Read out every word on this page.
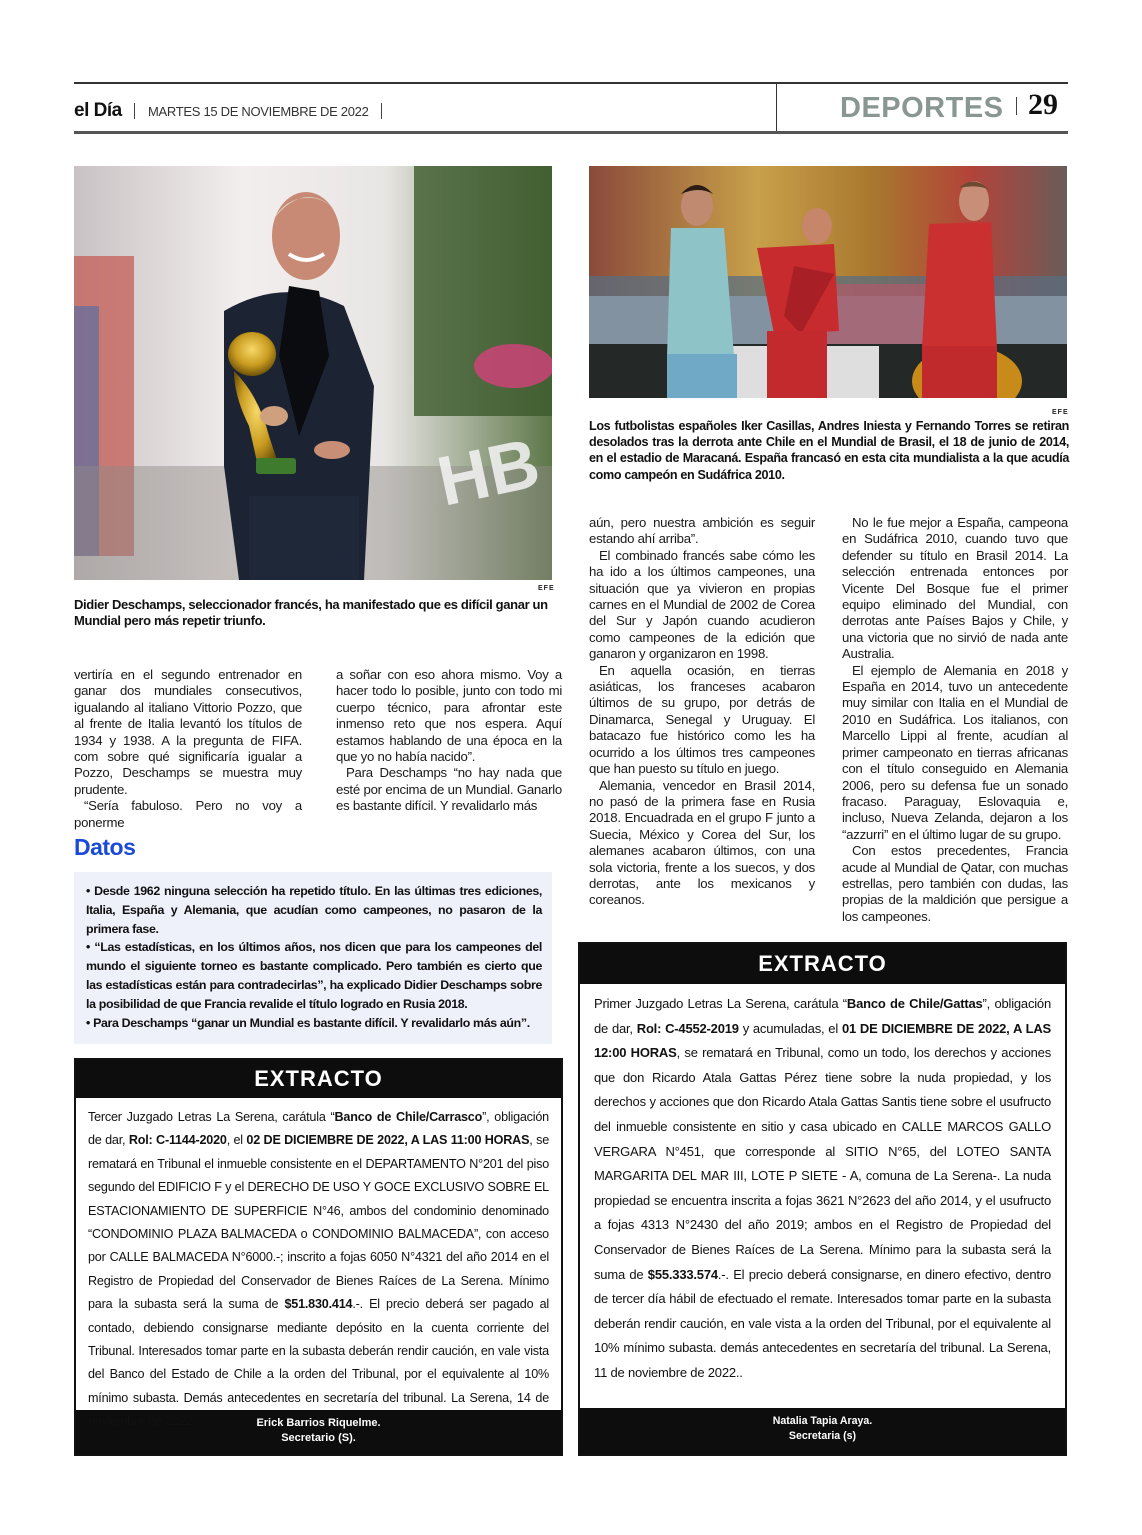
el Día MARTES 15 DE NOVIEMBRE DE 2022	DEPORTES 29
HB
EFE
Didier Deschamps, seleccionador francés, ha manifestado que es difícil ganar un Mundial pero más repetir triunfo.
EFE
Los futbolistas españoles Iker Casillas, Andres Iniesta y Fernando Torres se retiran desolados tras la derrota ante Chile en el Mundial de Brasil, el 18 de junio de 2014, en el estadio de Maracaná. España francasó en esta cita mundialista a la que acudía como campeón en Sudáfrica 2010.

vertiría en el segundo entrenador en ganar dos mundiales consecutivos, igualando al italiano Vittorio Pozzo, que al frente de Italia levantó los títulos de 1934 y 1938. A la pregunta de FIFA. com sobre qué significaría igualar a Pozzo, Deschamps se muestra muy prudente.

“Sería fabuloso. Pero no voy a ponerme

a soñar con eso ahora mismo. Voy a hacer todo lo posible, junto con todo mi cuerpo técnico, para afrontar este inmenso reto que nos espera. Aquí estamos hablando de una época en la que yo no había nacido”.

Para Deschamps “no hay nada que esté por encima de un Mundial. Ganarlo es bastante difícil. Y revalidarlo más

aún, pero nuestra ambición es seguir estando ahí arriba”.

El combinado francés sabe cómo les ha ido a los últimos campeones, una situación que ya vivieron en propias carnes en el Mundial de 2002 de Corea del Sur y Japón cuando acudieron como campeones de la edición que ganaron y organizaron en 1998.

En aquella ocasión, en tierras asiáticas, los franceses acabaron últimos de su grupo, por detrás de Dinamarca, Senegal y Uruguay. El batacazo fue histórico como les ha ocurrido a los últimos tres campeones que han puesto su título en juego.

Alemania, vencedor en Brasil 2014, no pasó de la primera fase en Rusia 2018. Encuadrada en el grupo F junto a Suecia, México y Corea del Sur, los alemanes acabaron últimos, con una sola victoria, frente a los suecos, y dos derrotas, ante los mexicanos y coreanos.

No le fue mejor a España, campeona en Sudáfrica 2010, cuando tuvo que defender su título en Brasil 2014. La selección entrenada entonces por Vicente Del Bosque fue el primer equipo eliminado del Mundial, con derrotas ante Países Bajos y Chile, y una victoria que no sirvió de nada ante Australia.

El ejemplo de Alemania en 2018 y España en 2014, tuvo un antecedente muy similar con Italia en el Mundial de 2010 en Sudáfrica. Los italianos, con Marcello Lippi al frente, acudían al primer campeonato en tierras africanas con el título conseguido en Alemania 2006, pero su defensa fue un sonado fracaso. Paraguay, Eslovaquia e, incluso, Nueva Zelanda, dejaron a los “azzurri” en el último lugar de su grupo.

Con estos precedentes, Francia acude al Mundial de Qatar, con muchas estrellas, pero también con dudas, las propias de la maldición que persigue a los campeones.

Datos

• Desde 1962 ninguna selección ha repetido título. En las últimas tres ediciones, Italia, España y Alemania, que acudían como campeones, no pasaron de la primera fase.

• “Las estadísticas, en los últimos años, nos dicen que para los campeones del mundo el siguiente torneo es bastante complicado. Pero también es cierto que las estadísticas están para contradecirlas”, ha explicado Didier Deschamps sobre la posibilidad de que Francia revalide el título logrado en Rusia 2018.

• Para Deschamps “ganar un Mundial es bastante difícil. Y revalidarlo más aún”.

EXTRACTO
Tercer Juzgado Letras La Serena, carátula “Banco de Chile/Carrasco”, obligación de dar, Rol: C-1144-2020, el 02 DE DICIEMBRE DE 2022, A LAS 11:00 HORAS, se rematará en Tribunal el inmueble consistente en el DEPARTAMENTO N°201 del piso segundo del EDIFICIO F y el DERECHO DE USO Y GOCE EXCLUSIVO SOBRE EL ESTACIONAMIENTO DE SUPERFICIE N°46, ambos del condominio denominado “CONDOMINIO PLAZA BALMACEDA o CONDOMINIO BALMACEDA”, con acceso por CALLE BALMACEDA N°6000.-; inscrito a fojas 6050 N°4321 del año 2014 en el Registro de Propiedad del Conservador de Bienes Raíces de La Serena. Mínimo para la subasta será la suma de $51.830.414.-. El precio deberá ser pagado al contado, debiendo consignarse mediante depósito en la cuenta corriente del Tribunal. Interesados tomar parte en la subasta deberán rendir caución, en vale vista del Banco del Estado de Chile a la orden del Tribunal, por el equivalente al 10% mínimo subasta. Demás antecedentes en secretaría del tribunal. La Serena, 14 de noviembre de 2022.	Erick Barrios Riquelme.
Secretario (S).
EXTRACTO
Primer Juzgado Letras La Serena, carátula “Banco de Chile/Gattas”, obligación de dar, Rol: C-4552-2019 y acumuladas, el 01 DE DICIEMBRE DE 2022, A LAS 12:00 HORAS, se rematará en Tribunal, como un todo, los derechos y acciones que don Ricardo Atala Gattas Pérez tiene sobre la nuda propiedad, y los derechos y acciones que don Ricardo Atala Gattas Santis tiene sobre el usufructo del inmueble consistente en sitio y casa ubicado en CALLE MARCOS GALLO VERGARA N°451, que corresponde al SITIO N°65, del LOTEO SANTA MARGARITA DEL MAR III, LOTE P SIETE - A, comuna de La Serena-. La nuda propiedad se encuentra inscrita a fojas 3621 N°2623 del año 2014, y el usufructo a fojas 4313 N°2430 del año 2019; ambos en el Registro de Propiedad del Conservador de Bienes Raíces de La Serena. Mínimo para la subasta será la suma de $55.333.574.-. El precio deberá consignarse, en dinero efectivo, dentro de tercer día hábil de efectuado el remate. Interesados tomar parte en la subasta deberán rendir caución, en vale vista a la orden del Tribunal, por el equivalente al 10% mínimo subasta. demás antecedentes en secretaría del tribunal. La Serena, 11 de noviembre de 2022..
Natalia Tapia Araya.
Secretaria (s)
